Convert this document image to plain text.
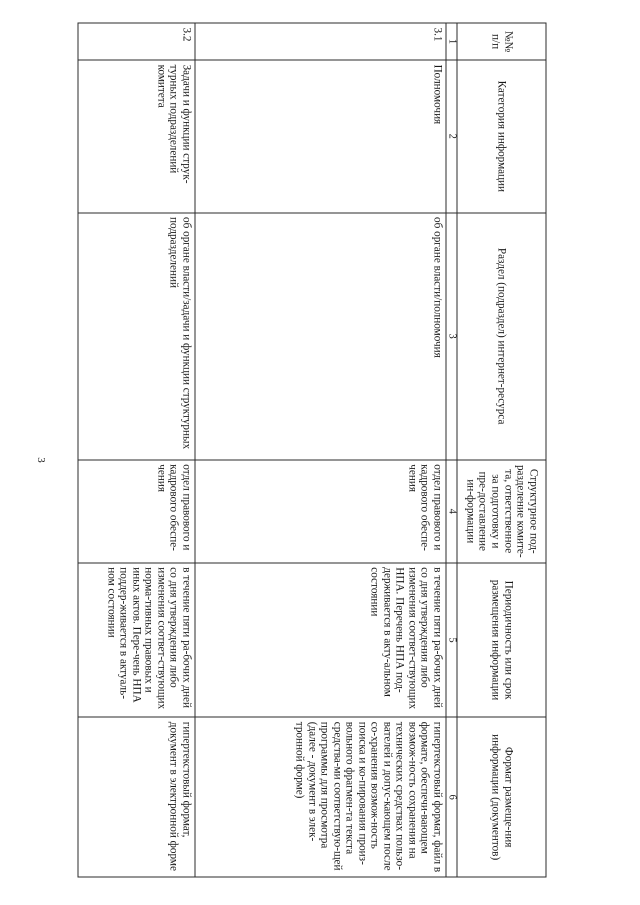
3
№№ п/п	Категория информации	Раздел (подраздел) интернет-ресурса	Структурное под-разделение комите-та, ответственное за подготовку и пре-доставление ин-формации	Периодичность или срок размещения информации	Формат размеще-ния информации (документов)
1	2	3	4	5	6
3.1	Полномочия	об органе власти/полномочия	отдел правового и кадрового обеспе-чения	в течение пяти ра-бочих дней со дня утверждения либо изменения соответ-ствующих НПА. Перечень НПА под-держивается в акту-альном состоянии	гипертекстовый формат, файл в формате, обеспечи-вающем возмож-ность сохранения на технических средствах пользо-вателей и допус-кающем после со-хранения возмож-ность поиска и ко-пирования произ-вольного фрагмен-та текста средства-ми соответствую-щей программы для просмотра (далее - документ в элек-тронной форме)
3.2	Задачи и функции струк-турных подразделений комитета	об органе власти/задачи и функции структурных подразделений	отдел правового и кадрового обеспе-чения	в течение пяти ра-бочих дней со дня утверждения либо изменения соответ-ствующих норма-тивных правовых и иных актов. Пере-чень НПА поддер-живается в актуаль-ном состоянии	гипертекстовый формат, документ в электронной форме
